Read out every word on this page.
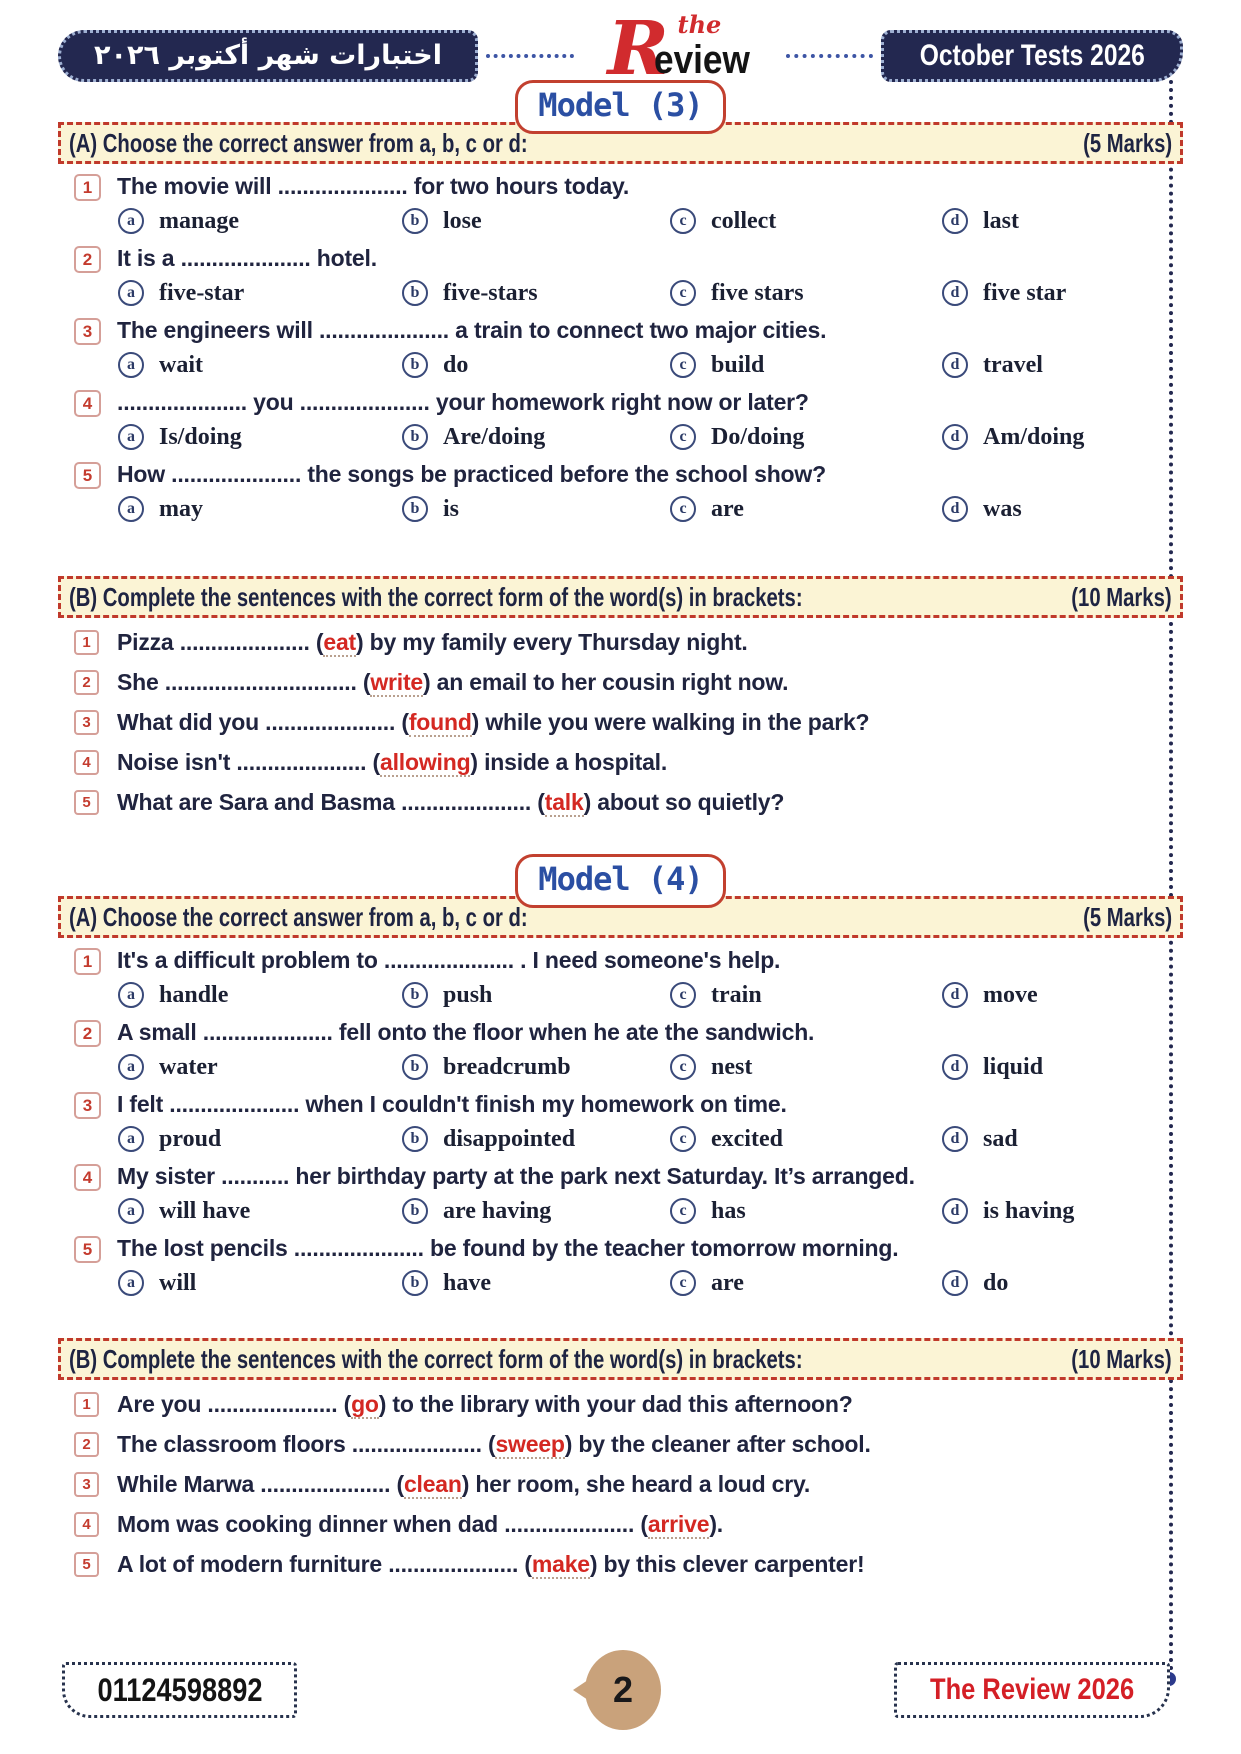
اختبارات شهر أكتوبر ٢٠٢٦ R the
eview	October Tests 2026
Model (3)
(A) Choose the correct answer from a, b, c or d:	(5 Marks)
1	The movie will ..................... for two hours today.
a	manage	b lose	c	collect	d last
2	It is a ..................... hotel.
a	five-star	b five-stars	c	five stars	d five star
3	The engineers will ..................... a train to connect two major cities.
a	wait	b do	c	build	d travel
4	..................... you ..................... your homework right now or later?
a	Is/doing	b Are/doing	c	Do/doing	d Am/doing
5	How ..................... the songs be practiced before the school show?
a	may	b is	c	are	d was
(B) Complete the sentences with the correct form of the word(s) in brackets:	(10 Marks)
1	Pizza ..................... (eat) by my family every Thursday night.
2	She ............................... (write) an email to her cousin right now.
3	What did you ..................... (found) while you were walking in the park?
4	Noise isn't ..................... (allowing) inside a hospital.
5	What are Sara and Basma ..................... (talk) about so quietly?
Model (4)
(A) Choose the correct answer from a, b, c or d:	(5 Marks)
1	It's a difficult problem to ..................... . I need someone's help.
a	handle	b push	c	train	d move
2	A small ..................... fell onto the floor when he ate the sandwich.
a	water	b breadcrumb	c	nest	d liquid
3	I felt ..................... when I couldn't finish my homework on time.
a	proud	b disappointed	c	excited	d sad
4	My sister ........... her birthday party at the park next Saturday. It’s arranged.
a	will have	b are having	c	has	d is having
5	The lost pencils ..................... be found by the teacher tomorrow morning.
a	will	b have	c	are	d do
(B) Complete the sentences with the correct form of the word(s) in brackets:	(10 Marks)
1	Are you ..................... (go) to the library with your dad this afternoon?
2	The classroom floors ..................... (sweep) by the cleaner after school.
3	While Marwa ..................... (clean) her room, she heard a loud cry.
4	Mom was cooking dinner when dad ..................... (arrive).
5	A lot of modern furniture ..................... (make) by this clever carpenter!
01124598892	2	The Review 2026
